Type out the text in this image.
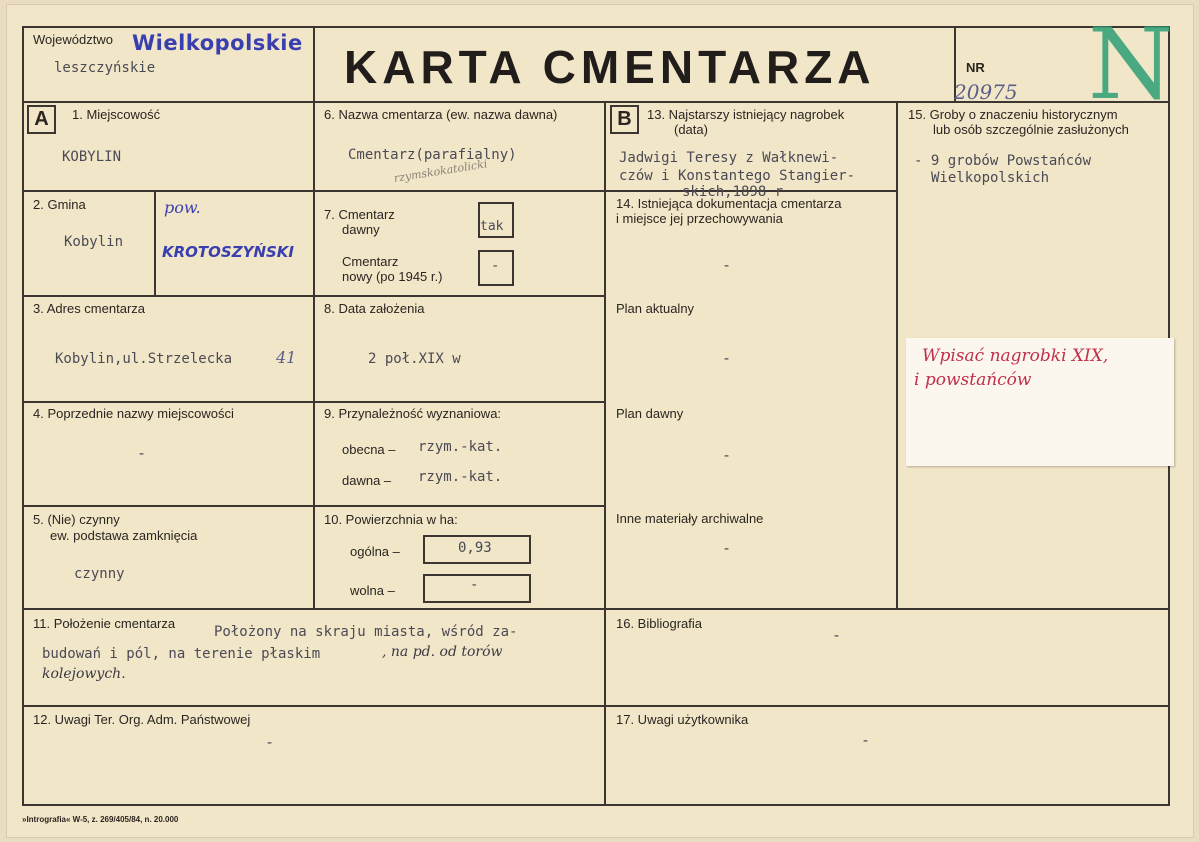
Województwo Wielkopolskie
leszczyńskie	KARTA CMENTARZA	NR
20975 N
A	B
1. Miejscowość
KOBYLIN
2. Gmina
Kobylin
pow.
KROTOSZYŃSKI
3. Adres cmentarza
Kobylin,ul.Strzelecka	41
4. Poprzednie nazwy miejscowości
-
5. (Nie) czynny
ew. podstawa zamknięcia
czynny
6. Nazwa cmentarza (ew. nazwa dawna)
Cmentarz(parafialny)
rzymskokatolicki
7. Cmentarz
dawny	tak
Cmentarz
nowy (po 1945 r.)
-
8. Data założenia
2 poł.XIX w
9. Przynależność wyznaniowa:
obecna – rzym.-kat.
dawna – rzym.-kat.
10. Powierzchnia w ha:
ogólna –	0,93
wolna –	-
11. Położenie cmentarza
Położony na skraju miasta, wśród za-
budowań i pól, na terenie płaskim	, na pd. od torów
kolejowych.
12. Uwagi Ter. Org. Adm. Państwowej
-
13. Najstarszy istniejący nagrobek
(data)
Jadwigi Teresy z Wałknewi-
czów i Konstantego Stangier-
skich,1898 r
14. Istniejąca dokumentacja cmentarza
i miejsce jej przechowywania
-
Plan aktualny
-
Plan dawny
-
Inne materiały archiwalne
-
15. Groby o znaczeniu historycznym
lub osób szczególnie zasłużonych
- 9 grobów Powstańców
Wielkopolskich
Wpisać nagrobki XIX,
i powstańców
16. Bibliografia
-
17. Uwagi użytkownika
-
»Intrografia« W-5, z. 269/405/84, n. 20.000
